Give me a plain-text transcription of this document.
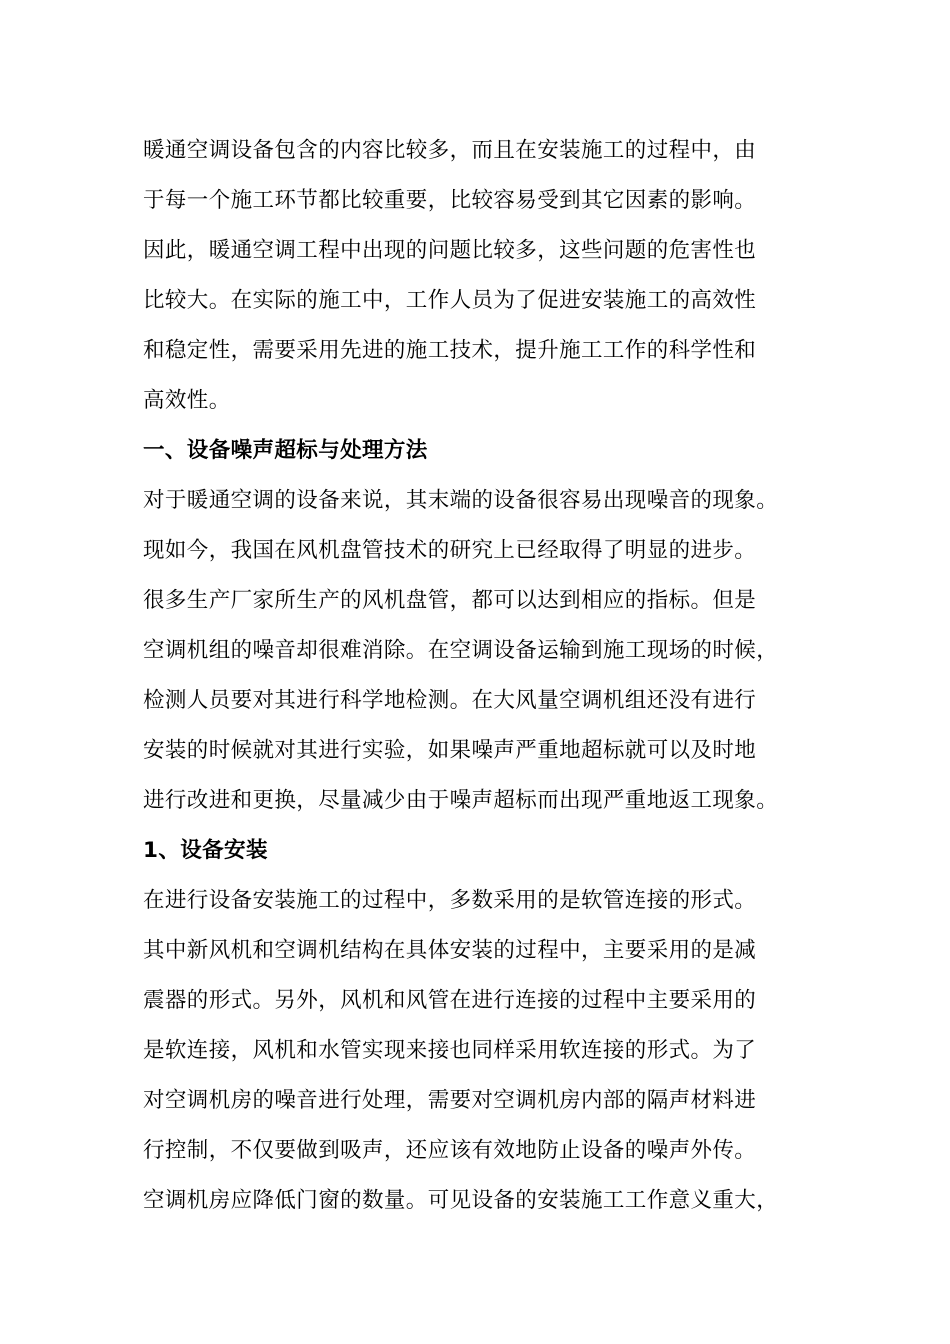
暖通空调设备包含的内容比较多，而且在安装施工的过程中，由
于每一个施工环节都比较重要，比较容易受到其它因素的影响。
因此，暖通空调工程中出现的问题比较多，这些问题的危害性也
比较大。在实际的施工中，工作人员为了促进安装施工的高效性
和稳定性，需要采用先进的施工技术，提升施工工作的科学性和
高效性。
一、设备噪声超标与处理方法
对于暖通空调的设备来说，其末端的设备很容易出现噪音的现象。
现如今，我国在风机盘管技术的研究上已经取得了明显的进步。
很多生产厂家所生产的风机盘管，都可以达到相应的指标。但是
空调机组的噪音却很难消除。在空调设备运输到施工现场的时候，
检测人员要对其进行科学地检测。在大风量空调机组还没有进行
安装的时候就对其进行实验，如果噪声严重地超标就可以及时地
进行改进和更换，尽量减少由于噪声超标而出现严重地返工现象。
1、设备安装
在进行设备安装施工的过程中，多数采用的是软管连接的形式。
其中新风机和空调机结构在具体安装的过程中，主要采用的是减
震器的形式。另外，风机和风管在进行连接的过程中主要采用的
是软连接，风机和水管实现来接也同样采用软连接的形式。为了
对空调机房的噪音进行处理，需要对空调机房内部的隔声材料进
行控制，不仅要做到吸声，还应该有效地防止设备的噪声外传。
空调机房应降低门窗的数量。可见设备的安装施工工作意义重大，
